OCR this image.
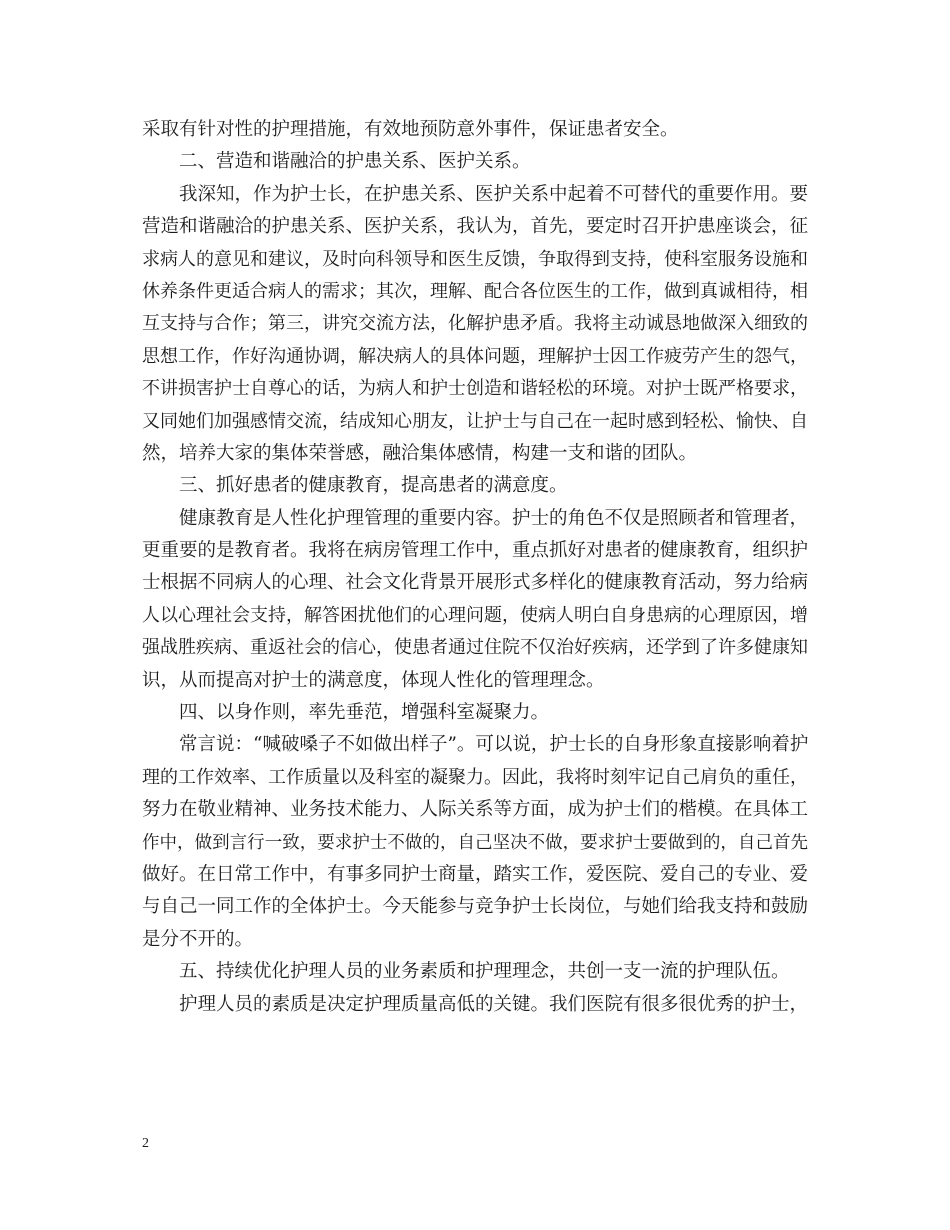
采取有针对性的护理措施，有效地预防意外事件，保证患者安全。
二、营造和谐融洽的护患关系、医护关系。
我深知，作为护士长，在护患关系、医护关系中起着不可替代的重要作用。要
营造和谐融洽的护患关系、医护关系，我认为，首先，要定时召开护患座谈会，征
求病人的意见和建议，及时向科领导和医生反馈，争取得到支持，使科室服务设施和
休养条件更适合病人的需求；其次，理解、配合各位医生的工作，做到真诚相待，相
互支持与合作；第三，讲究交流方法，化解护患矛盾。我将主动诚恳地做深入细致的
思想工作，作好沟通协调，解决病人的具体问题，理解护士因工作疲劳产生的怨气，
不讲损害护士自尊心的话，为病人和护士创造和谐轻松的环境。对护士既严格要求，
又同她们加强感情交流，结成知心朋友，让护士与自己在一起时感到轻松、愉快、自
然，培养大家的集体荣誉感，融洽集体感情，构建一支和谐的团队。
三、抓好患者的健康教育，提高患者的满意度。
健康教育是人性化护理管理的重要内容。护士的角色不仅是照顾者和管理者，
更重要的是教育者。我将在病房管理工作中，重点抓好对患者的健康教育，组织护
士根据不同病人的心理、社会文化背景开展形式多样化的健康教育活动，努力给病
人以心理社会支持，解答困扰他们的心理问题，使病人明白自身患病的心理原因，增
强战胜疾病、重返社会的信心，使患者通过住院不仅治好疾病，还学到了许多健康知
识，从而提高对护士的满意度，体现人性化的管理理念。
四、以身作则，率先垂范，增强科室凝聚力。
常言说：“喊破嗓子不如做出样子”。可以说，护士长的自身形象直接影响着护
理的工作效率、工作质量以及科室的凝聚力。因此，我将时刻牢记自己肩负的重任，
努力在敬业精神、业务技术能力、人际关系等方面，成为护士们的楷模。在具体工
作中，做到言行一致，要求护士不做的，自己坚决不做，要求护士要做到的，自己首先
做好。在日常工作中，有事多同护士商量，踏实工作，爱医院、爱自己的专业、爱
与自己一同工作的全体护士。今天能参与竞争护士长岗位，与她们给我支持和鼓励
是分不开的。
五、持续优化护理人员的业务素质和护理理念，共创一支一流的护理队伍。
护理人员的素质是决定护理质量高低的关键。我们医院有很多很优秀的护士，
2
